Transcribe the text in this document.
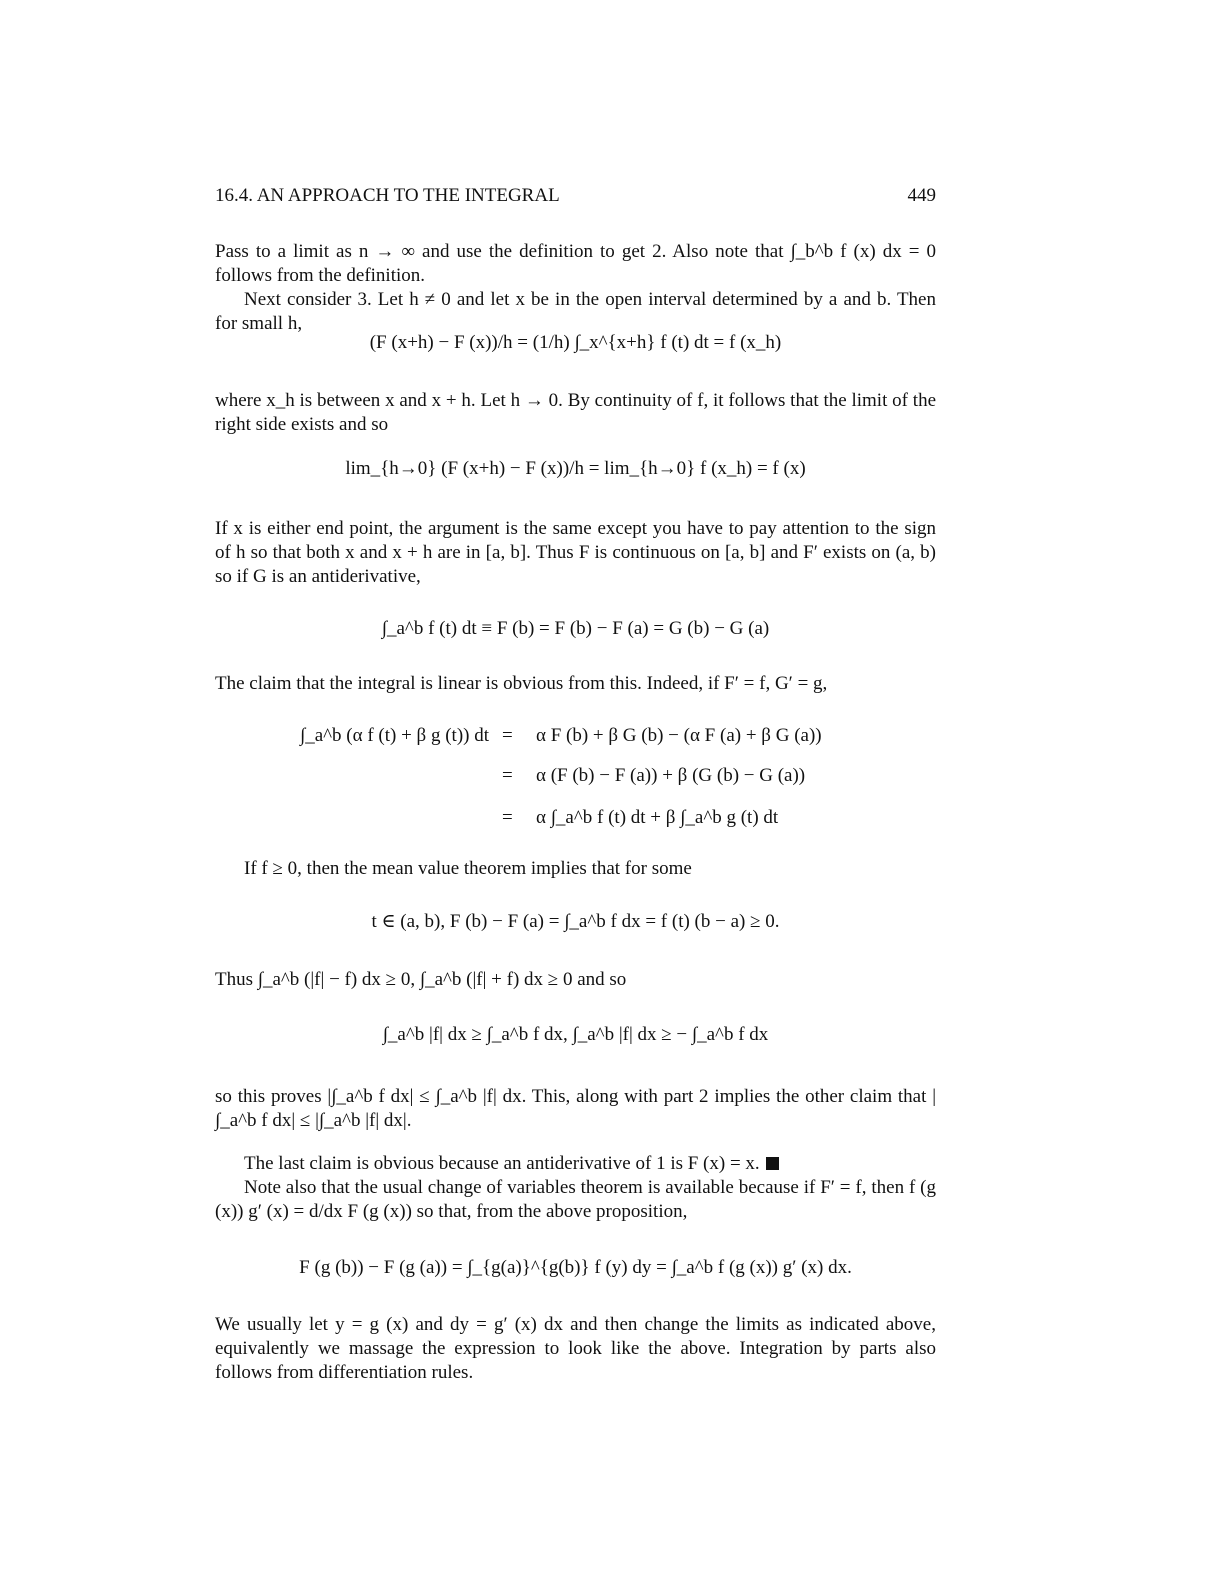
16.4. AN APPROACH TO THE INTEGRAL	449
Pass to a limit as n → ∞ and use the definition to get 2. Also note that ∫_b^b f (x) dx = 0 follows from the definition.
Next consider 3. Let h ≠ 0 and let x be in the open interval determined by a and b. Then for small h,
(F (x+h) − F (x))/h = (1/h) ∫_x^{x+h} f (t) dt = f (x_h)
where x_h is between x and x + h. Let h → 0. By continuity of f, it follows that the limit of the right side exists and so
lim_{h→0} (F (x+h) − F (x))/h = lim_{h→0} f (x_h) = f (x)
If x is either end point, the argument is the same except you have to pay attention to the sign of h so that both x and x + h are in [a, b]. Thus F is continuous on [a, b] and F′ exists on (a, b) so if G is an antiderivative,
∫_a^b f (t) dt ≡ F (b) = F (b) − F (a) = G (b) − G (a)
The claim that the integral is linear is obvious from this. Indeed, if F′ = f, G′ = g,
∫_a^b (α f (t) + β g (t)) dt = α F (b) + β G (b) − (α F (a) + β G (a))
= α (F (b) − F (a)) + β (G (b) − G (a))
= α ∫_a^b f (t) dt + β ∫_a^b g (t) dt
If f ≥ 0, then the mean value theorem implies that for some
t ∈ (a, b), F (b) − F (a) = ∫_a^b f dx = f (t) (b − a) ≥ 0.
Thus ∫_a^b (|f| − f) dx ≥ 0, ∫_a^b (|f| + f) dx ≥ 0 and so
∫_a^b |f| dx ≥ ∫_a^b f dx, ∫_a^b |f| dx ≥ − ∫_a^b f dx
so this proves |∫_a^b f dx| ≤ ∫_a^b |f| dx. This, along with part 2 implies the other claim that |∫_a^b f dx| ≤ |∫_a^b |f| dx|.
The last claim is obvious because an antiderivative of 1 is F (x) = x.
Note also that the usual change of variables theorem is available because if F′ = f, then f (g (x)) g′ (x) = d/dx F (g (x)) so that, from the above proposition,
F (g (b)) − F (g (a)) = ∫_{g(a)}^{g(b)} f (y) dy = ∫_a^b f (g (x)) g′ (x) dx.
We usually let y = g (x) and dy = g′ (x) dx and then change the limits as indicated above, equivalently we massage the expression to look like the above. Integration by parts also follows from differentiation rules.
